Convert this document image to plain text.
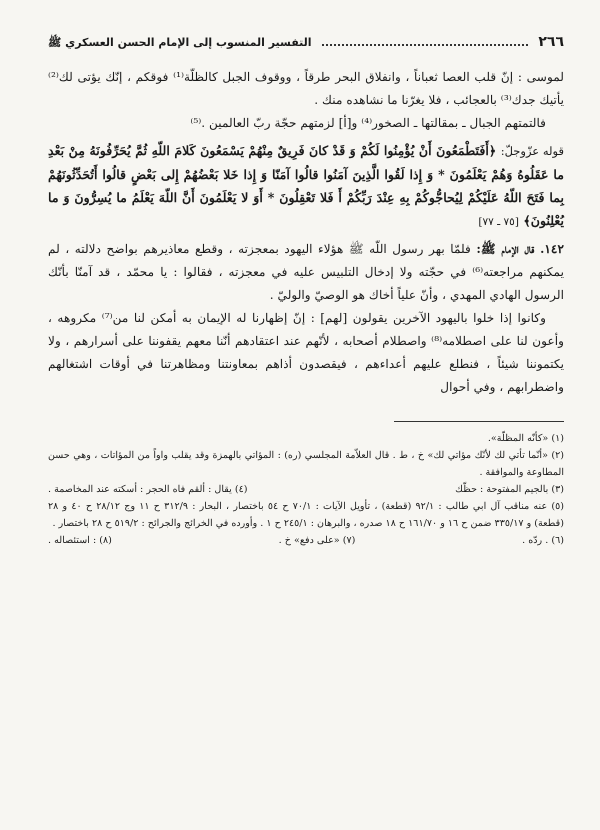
٢٦٦
التفسير المنسوب إلى الإمام الحسن العسكري ﷺ

لموسى : إنّ قلب العصا ثعباناً ، وانفلاق البحر طرقاً ، ووقوف الجبل كالظلّة⁽¹⁾ فوقكم ، إنّك يؤتى لك⁽²⁾ يأتيك جدك⁽³⁾ بالعجائب ، فلا يغرّنا ما نشاهده منك .

فالتمتهم الجبال ـ بمقالتها ـ الصخور⁽⁴⁾ و[أ] لزمتهم حجّة ربّ العالمين .⁽⁵⁾

قوله عزّوجلّ: ﴿أَفَتَطْمَعُونَ أَنْ يُؤْمِنُوا لَكُمْ وَ قَدْ كانَ فَرِيقٌ مِنْهُمْ يَسْمَعُونَ كَلامَ اللّهِ ثُمَّ يُحَرِّفُونَهُ مِنْ بَعْدِ ما عَقَلُوهُ وَهُمْ يَعْلَمُونَ * وَ إِذا لَقُوا الَّذِينَ آمَنُوا قالُوا آمَنّا وَ إِذا خَلا بَعْضُهُمْ إِلى بَعْضٍ قالُوا أَتُحَدِّثُونَهُمْ بِما فَتَحَ اللّهُ عَلَيْكُمْ لِيُحاجُّوكُمْ بِهِ عِنْدَ رَبِّكُمْ أَ فَلا تَعْقِلُونَ * أَوَ لا يَعْلَمُونَ أَنَّ اللّهَ يَعْلَمُ ما يُسِرُّونَ وَ ما يُعْلِنُونَ﴾ [٧٥ ـ ٧٧]

١٤٢. قال الإمام ﷺ: فلمّا بهر رسول اللّه ﷺ هؤلاء اليهود بمعجزته ، وقطع معاذيرهم بواضح دلالته ، لم يمكنهم مراجعته⁽⁶⁾ في حجّته ولا إدخال التلبيس عليه في معجزته ، فقالوا : يا محمّد ، قد آمنّا بأنّك الرسول الهادي المهدي ، وأنّ علياً أخاك هو الوصيّ والوليّ .

وكانوا إذا خلوا باليهود الآخرين يقولون [لهم] : إنّ إظهارنا له الإيمان به أمكن لنا من⁽⁷⁾ مكروهه ، وأعون لنا على اصطلامه⁽⁸⁾ واصطلام أصحابه ، لأنّهم عند اعتقادهم أنّنا معهم يقفوننا على أسرارهم ، ولا يكتموننا شيئاً ، فنطلع عليهم أعداءهم ، فيقصدون أذاهم بمعاونتنا ومظاهرتنا في أوقات اشتغالهم واضطرابهم ، وفي أحوال

(١) «كأنّه المظلّة».
(٢) «أنّما تأتي لك لأنّك مؤاتي لك» خ ، ط . قال العلاّمة المجلسي (ره) : المؤاتي بالهمزة وقد يقلب واواً من المؤاتات ، وهي حسن المطاوعة والموافقة .
(٣) بالجيم المفتوحة : حظّك
(٤) يقال : ألقم فاه الحجر : أسكته عند المخاصمة .
(٥) عنه مناقب آل ابي طالب : ٩٢/١ (قطعة) ، تأويل الآيات : ٧٠/١ ح ٥٤ باختصار ، البحار : ٣١٢/٩ ح ١١ وج ٢٨/١٢ ح ٤٠ و ٢٨ (قطعة) و ٣٣٥/١٧ ضمن ح ١٦ و ١٦١/٧٠ ح ١٨ صدره ، والبرهان : ٢٤٥/١ ح ١ . وأورده في الخرائج والجرائح : ٥١٩/٢ ح ٢٨ باختصار .
(٦) . ردّه .
(٧) «على دفع» خ .
(٨) : استئصاله .
